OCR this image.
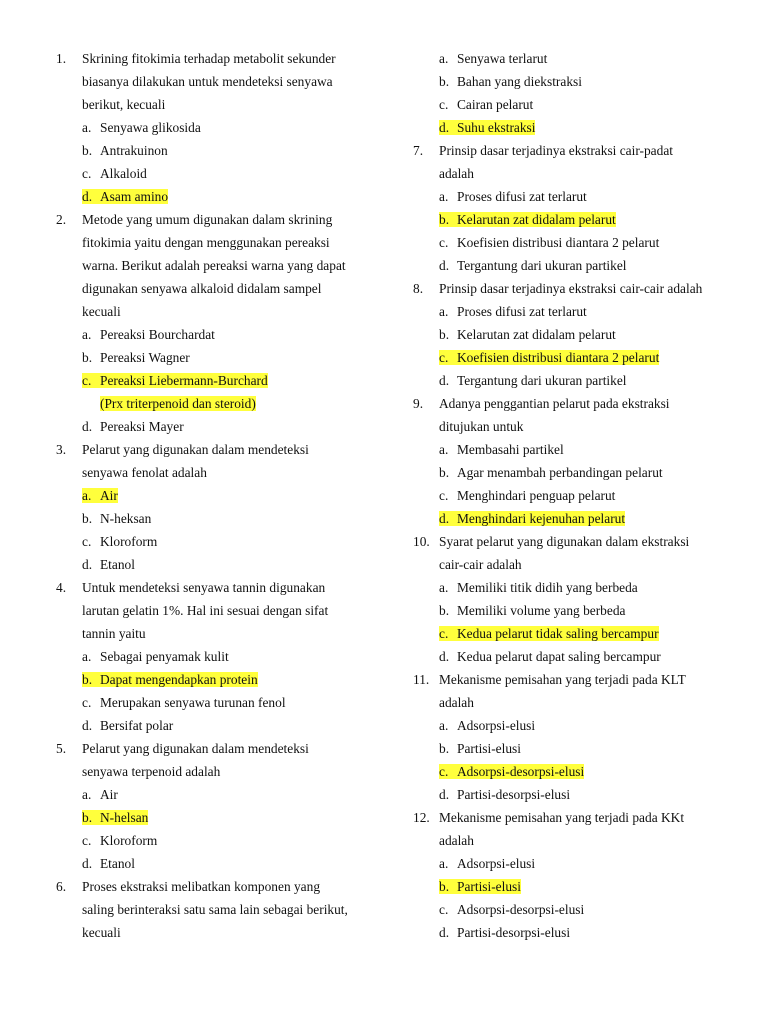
1. Skrining fitokimia terhadap metabolit sekunder
biasanya dilakukan untuk mendeteksi senyawa
berikut, kecuali
a. Senyawa glikosida
b. Antrakuinon
c. Alkaloid
d. Asam amino
2. Metode yang umum digunakan dalam skrining
fitokimia yaitu dengan menggunakan pereaksi
warna. Berikut adalah pereaksi warna yang dapat
digunakan senyawa alkaloid didalam sampel
kecuali
a. Pereaksi Bourchardat
b. Pereaksi Wagner
c. Pereaksi Liebermann-Burchard
(Prx triterpenoid dan steroid)
d. Pereaksi Mayer
3. Pelarut yang digunakan dalam mendeteksi
senyawa fenolat adalah
a. Air
b. N-heksan
c. Kloroform
d. Etanol
4. Untuk mendeteksi senyawa tannin digunakan
larutan gelatin 1%. Hal ini sesuai dengan sifat
tannin yaitu
a. Sebagai penyamak kulit
b. Dapat mengendapkan protein
c. Merupakan senyawa turunan fenol
d. Bersifat polar
5. Pelarut yang digunakan dalam mendeteksi
senyawa terpenoid adalah
a. Air
b. N-helsan
c. Kloroform
d. Etanol
6. Proses ekstraksi melibatkan komponen yang
saling berinteraksi satu sama lain sebagai berikut,
kecuali
a. Senyawa terlarut
b. Bahan yang diekstraksi
c. Cairan pelarut
d. Suhu ekstraksi
7. Prinsip dasar terjadinya ekstraksi cair-padat
adalah
a. Proses difusi zat terlarut
b. Kelarutan zat didalam pelarut
c. Koefisien distribusi diantara 2 pelarut
d. Tergantung dari ukuran partikel
8. Prinsip dasar terjadinya ekstraksi cair-cair adalah
a. Proses difusi zat terlarut
b. Kelarutan zat didalam pelarut
c. Koefisien distribusi diantara 2 pelarut
d. Tergantung dari ukuran partikel
9. Adanya penggantian pelarut pada ekstraksi
ditujukan untuk
a. Membasahi partikel
b. Agar menambah perbandingan pelarut
c. Menghindari penguap pelarut
d. Menghindari kejenuhan pelarut
10. Syarat pelarut yang digunakan dalam ekstraksi
cair-cair adalah
a. Memiliki titik didih yang berbeda
b. Memiliki volume yang berbeda
c. Kedua pelarut tidak saling bercampur
d. Kedua pelarut dapat saling bercampur
11. Mekanisme pemisahan yang terjadi pada KLT
adalah
a. Adsorpsi-elusi
b. Partisi-elusi
c. Adsorpsi-desorpsi-elusi
d. Partisi-desorpsi-elusi
12. Mekanisme pemisahan yang terjadi pada KKt
adalah
a. Adsorpsi-elusi
b. Partisi-elusi
c. Adsorpsi-desorpsi-elusi
d. Partisi-desorpsi-elusi
